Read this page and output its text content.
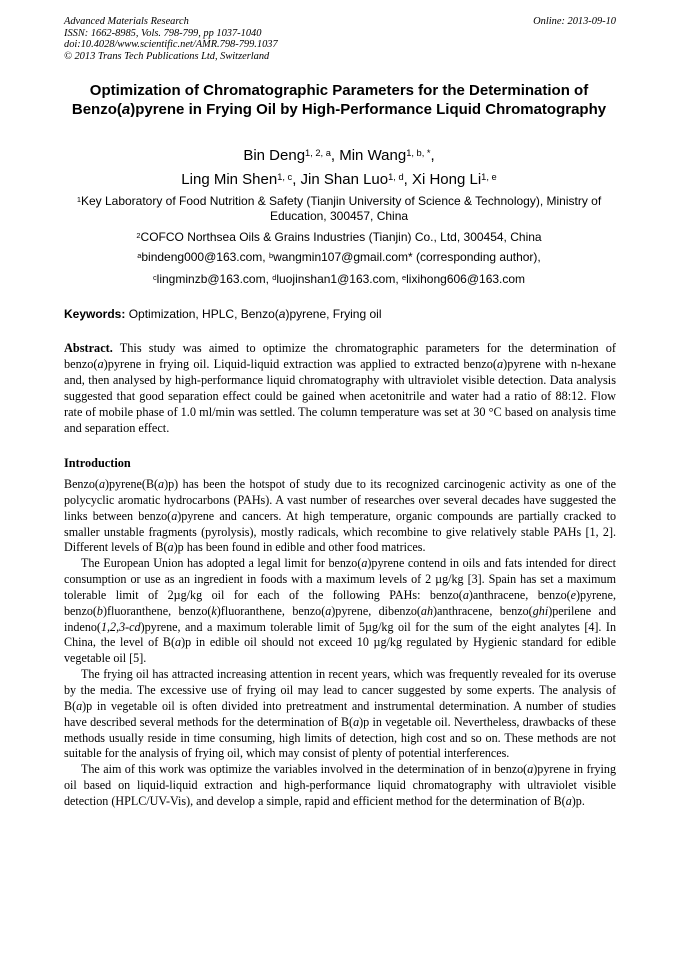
Advanced Materials Research
ISSN: 1662-8985, Vols. 798-799, pp 1037-1040
doi:10.4028/www.scientific.net/AMR.798-799.1037
© 2013 Trans Tech Publications Ltd, Switzerland
Online: 2013-09-10
Optimization of Chromatographic Parameters for the Determination of Benzo(a)pyrene in Frying Oil by High-Performance Liquid Chromatography
Bin Deng$^{1, 2, a}$, Min Wang$^{1, b, *}$,
Ling Min Shen$^{1, c}$, Jin Shan Luo$^{1, d}$, Xi Hong Li$^{1, e}$
$^1$Key Laboratory of Food Nutrition & Safety (Tianjin University of Science & Technology), Ministry of Education, 300457, China
$^2$COFCO Northsea Oils & Grains Industries (Tianjin) Co., Ltd, 300454, China
$^a$bindeng000@163.com, $^b$wangmin107@gmail.com* (corresponding author),
$^c$lingminzb@163.com, $^d$luojinshan1@163.com, $^e$lixihong606@163.com
Keywords: Optimization, HPLC, Benzo(a)pyrene, Frying oil
Abstract. This study was aimed to optimize the chromatographic parameters for the determination of benzo(a)pyrene in frying oil. Liquid-liquid extraction was applied to extracted benzo(a)pyrene with n-hexane and, then analysed by high-performance liquid chromatography with ultraviolet visible detection. Data analysis suggested that good separation effect could be gained when acetonitrile and water had a ratio of 88:12. Flow rate of mobile phase of 1.0 ml/min was settled. The column temperature was set at 30 °C based on analysis time and separation effect.
Introduction

Benzo(a)pyrene(B(a)p) has been the hotspot of study due to its recognized carcinogenic activity as one of the polycyclic aromatic hydrocarbons (PAHs). A vast number of researches over several decades have suggested the links between benzo(a)pyrene and cancers. At high temperature, organic compounds are partially cracked to smaller unstable fragments (pyrolysis), mostly radicals, which recombine to give relatively stable PAHs [1, 2]. Different levels of B(a)p has been found in edible and other food matrices.

The European Union has adopted a legal limit for benzo(a)pyrene contend in oils and fats intended for direct consumption or use as an ingredient in foods with a maximum levels of 2 µg/kg [3]. Spain has set a maximum tolerable limit of 2µg/kg oil for each of the following PAHs: benzo(a)anthracene, benzo(e)pyrene, benzo(b)fluoranthene, benzo(k)fluoranthene, benzo(a)pyrene, dibenzo(ah)anthracene, benzo(ghi)perilene and indeno(1,2,3-cd)pyrene, and a maximum tolerable limit of 5µg/kg oil for the sum of the eight analytes [4]. In China, the level of B(a)p in edible oil should not exceed 10 µg/kg regulated by Hygienic standard for edible vegetable oil [5].

The frying oil has attracted increasing attention in recent years, which was frequently revealed for its overuse by the media. The excessive use of frying oil may lead to cancer suggested by some experts. The analysis of B(a)p in vegetable oil is often divided into pretreatment and instrumental determination. A number of studies have described several methods for the determination of B(a)p in vegetable oil. Nevertheless, drawbacks of these methods usually reside in time consuming, high limits of detection, high cost and so on. These methods are not suitable for the analysis of frying oil, which may consist of plenty of potential interferences.

The aim of this work was optimize the variables involved in the determination of in benzo(a)pyrene in frying oil based on liquid-liquid extraction and high-performance liquid chromatography with ultraviolet visible detection (HPLC/UV-Vis), and develop a simple, rapid and efficient method for the determination of B(a)p.
